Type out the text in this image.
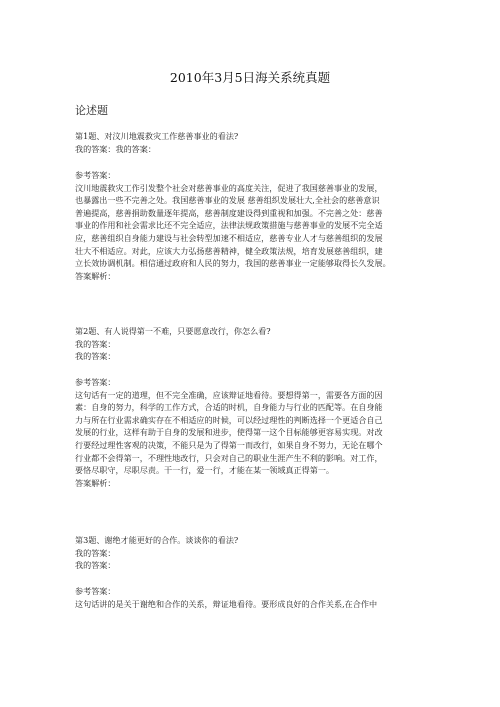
2010年3月5日海关系统真题
论述题
第1题、对汶川地震救灾工作慈善事业的看法?
我的答案：我的答案：
参考答案：
汶川地震救灾工作引发整个社会对慈善事业的高度关注，促进了我国慈善事业的发展，
也暴露出一些不完善之处。我国慈善事业的发展 慈善组织发展壮大,全社会的慈善意识
普遍提高，慈善捐助数量逐年提高，慈善制度建设得到重视和加强。不完善之处：慈善
事业的作用和社会需求比还不完全适应，法律法规政策措施与慈善事业的发展不完全适
应，慈善组织自身能力建设与社会转型加速不相适应，慈善专业人才与慈善组织的发展
壮大不相适应。对此，应该大力弘扬慈善精神，健全政策法规，培育发展慈善组织，建
立长效协调机制。相信通过政府和人民的努力，我国的慈善事业一定能够取得长久发展。
答案解析：
第2题、有人说得第一不难，只要愿意改行，你怎么看?
我的答案：
我的答案：
参考答案：
这句话有一定的道理，但不完全准确，应该辩证地看待。要想得第一，需要各方面的因
素：自身的努力，科学的工作方式，合适的时机，自身能力与行业的匹配等。在自身能
力与所在行业需求确实存在不相适应的时候，可以经过理性的判断选择一个更适合自己
发展的行业，这样有助于自身的发展和进步，使得第一这个目标能够更容易实现。对改
行要经过理性客观的决策，不能只是为了得第一而改行，如果自身不努力，无论在哪个
行业都不会得第一，不理性地改行，只会对自己的职业生涯产生不利的影响。对工作，
要恪尽职守，尽职尽责。干一行，爱一行，才能在某一领域真正得第一。
答案解析：
第3题、谢绝才能更好的合作。谈谈你的看法?
我的答案：
我的答案：
参考答案：
这句话讲的是关于谢绝和合作的关系，辩证地看待。要形成良好的合作关系,在合作中
